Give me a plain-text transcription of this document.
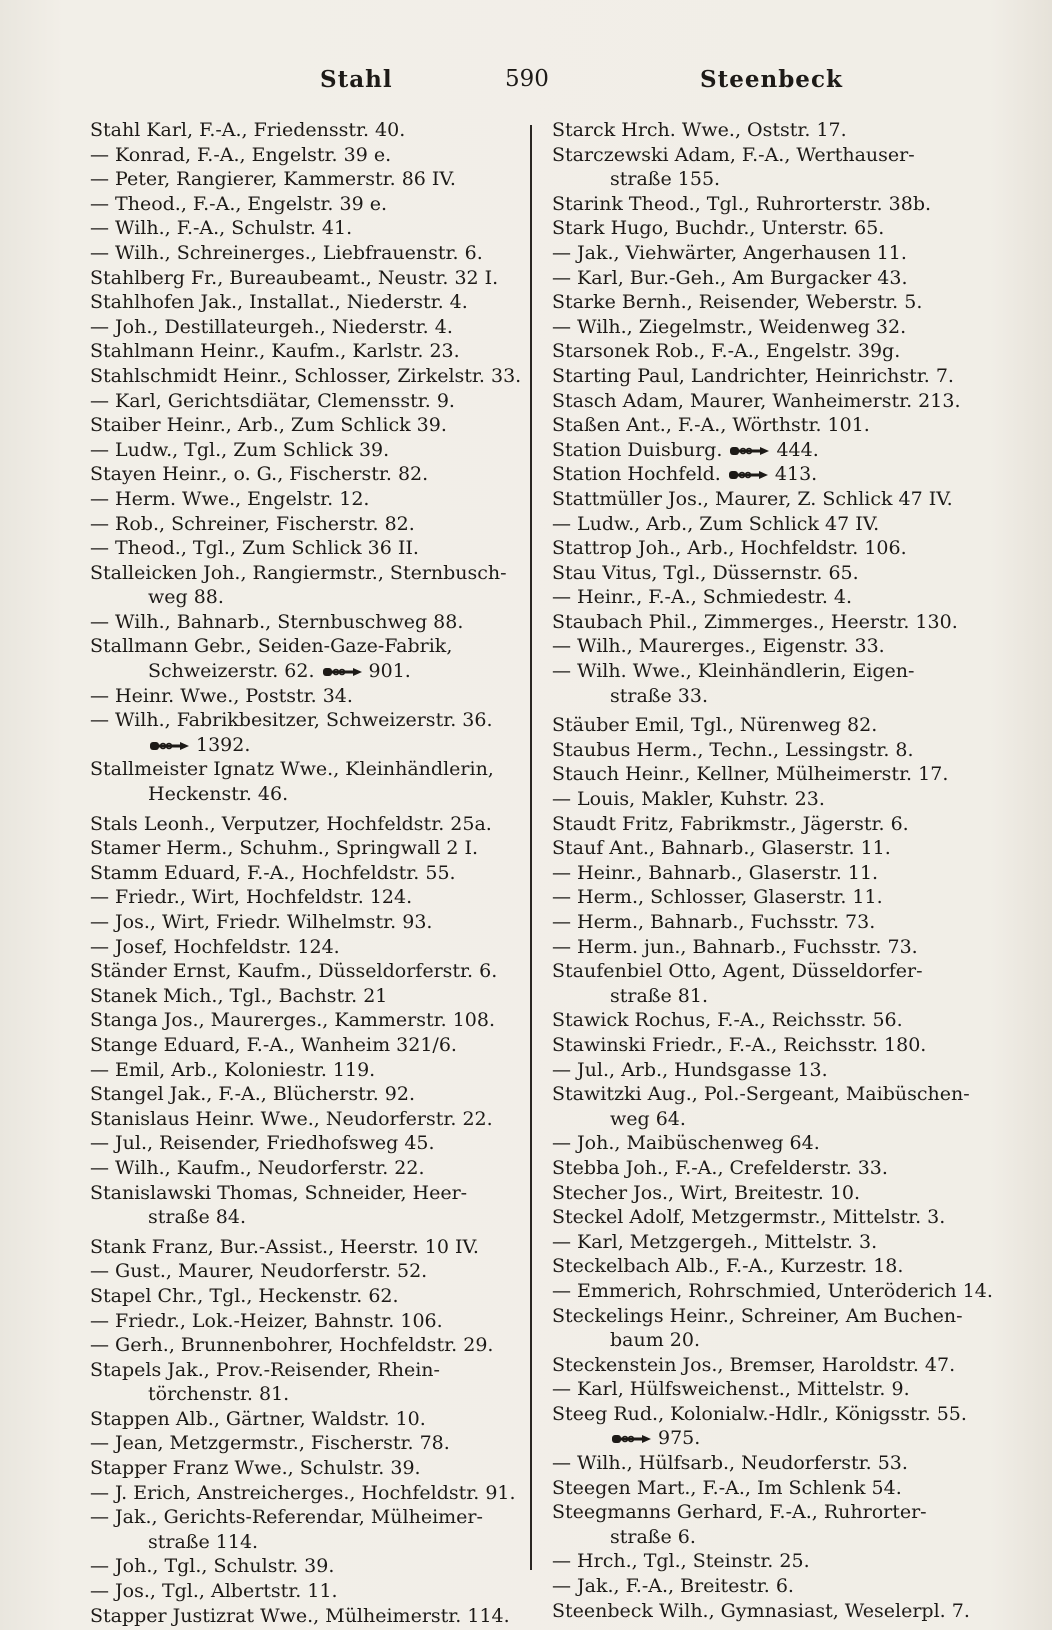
Stahl	590	Steenbeck
Stahl Karl, F.-A., Friedensstr. 40.
— Konrad, F.-A., Engelstr. 39 e.
— Peter, Rangierer, Kammerstr. 86 IV.
— Theod., F.-A., Engelstr. 39 e.
— Wilh., F.-A., Schulstr. 41.
— Wilh., Schreinerges., Liebfrauenstr. 6.
Stahlberg Fr., Bureaubeamt., Neustr. 32 I.
Stahlhofen Jak., Installat., Niederstr. 4.
— Joh., Destillateurgeh., Niederstr. 4.
Stahlmann Heinr., Kaufm., Karlstr. 23.
Stahlschmidt Heinr., Schlosser, Zirkelstr. 33.
— Karl, Gerichtsdiätar, Clemensstr. 9.
Staiber Heinr., Arb., Zum Schlick 39.
— Ludw., Tgl., Zum Schlick 39.
Stayen Heinr., o. G., Fischerstr. 82.
— Herm. Wwe., Engelstr. 12.
— Rob., Schreiner, Fischerstr. 82.
— Theod., Tgl., Zum Schlick 36 II.
Stalleicken Joh., Rangiermstr., Sternbusch-
weg 88.
— Wilh., Bahnarb., Sternbuschweg 88.
Stallmann Gebr., Seiden-Gaze-Fabrik,
Schweizerstr. 62.	901.
— Heinr. Wwe., Poststr. 34.
— Wilh., Fabrikbesitzer, Schweizerstr. 36.
1392.
Stallmeister Ignatz Wwe., Kleinhändlerin,
Heckenstr. 46.
Stals Leonh., Verputzer, Hochfeldstr. 25a.
Stamer Herm., Schuhm., Springwall 2 I.
Stamm Eduard, F.-A., Hochfeldstr. 55.
— Friedr., Wirt, Hochfeldstr. 124.
— Jos., Wirt, Friedr. Wilhelmstr. 93.
— Josef, Hochfeldstr. 124.
Ständer Ernst, Kaufm., Düsseldorferstr. 6.
Stanek Mich., Tgl., Bachstr. 21
Stanga Jos., Maurerges., Kammerstr. 108.
Stange Eduard, F.-A., Wanheim 321/6.
— Emil, Arb., Koloniestr. 119.
Stangel Jak., F.-A., Blücherstr. 92.
Stanislaus Heinr. Wwe., Neudorferstr. 22.
— Jul., Reisender, Friedhofsweg 45.
— Wilh., Kaufm., Neudorferstr. 22.
Stanislawski Thomas, Schneider, Heer-
straße 84.
Stank Franz, Bur.-Assist., Heerstr. 10 IV.
— Gust., Maurer, Neudorferstr. 52.
Stapel Chr., Tgl., Heckenstr. 62.
— Friedr., Lok.-Heizer, Bahnstr. 106.
— Gerh., Brunnenbohrer, Hochfeldstr. 29.
Stapels Jak., Prov.-Reisender, Rhein-
törchenstr. 81.
Stappen Alb., Gärtner, Waldstr. 10.
— Jean, Metzgermstr., Fischerstr. 78.
Stapper Franz Wwe., Schulstr. 39.
— J. Erich, Anstreicherges., Hochfeldstr. 91.
— Jak., Gerichts-Referendar, Mülheimer-
straße 114.
— Joh., Tgl., Schulstr. 39.
— Jos., Tgl., Albertstr. 11.
Stapper Justizrat Wwe., Mülheimerstr. 114.
Starck Hrch. Wwe., Oststr. 17.
Starczewski Adam, F.-A., Werthauser-
straße 155.
Starink Theod., Tgl., Ruhrorterstr. 38b.
Stark Hugo, Buchdr., Unterstr. 65.
— Jak., Viehwärter, Angerhausen 11.
— Karl, Bur.-Geh., Am Burgacker 43.
Starke Bernh., Reisender, Weberstr. 5.
— Wilh., Ziegelmstr., Weidenweg 32.
Starsonek Rob., F.-A., Engelstr. 39g.
Starting Paul, Landrichter, Heinrichstr. 7.
Stasch Adam, Maurer, Wanheimerstr. 213.
Staßen Ant., F.-A., Wörthstr. 101.
Station Duisburg.	444.
Station Hochfeld.	413.
Stattmüller Jos., Maurer, Z. Schlick 47 IV.
— Ludw., Arb., Zum Schlick 47 IV.
Stattrop Joh., Arb., Hochfeldstr. 106.
Stau Vitus, Tgl., Düssernstr. 65.
— Heinr., F.-A., Schmiedestr. 4.
Staubach Phil., Zimmerges., Heerstr. 130.
— Wilh., Maurerges., Eigenstr. 33.
— Wilh. Wwe., Kleinhändlerin, Eigen-
straße 33.
Stäuber Emil, Tgl., Nürenweg 82.
Staubus Herm., Techn., Lessingstr. 8.
Stauch Heinr., Kellner, Mülheimerstr. 17.
— Louis, Makler, Kuhstr. 23.
Staudt Fritz, Fabrikmstr., Jägerstr. 6.
Stauf Ant., Bahnarb., Glaserstr. 11.
— Heinr., Bahnarb., Glaserstr. 11.
— Herm., Schlosser, Glaserstr. 11.
— Herm., Bahnarb., Fuchsstr. 73.
— Herm. jun., Bahnarb., Fuchsstr. 73.
Staufenbiel Otto, Agent, Düsseldorfer-
straße 81.
Stawick Rochus, F.-A., Reichsstr. 56.
Stawinski Friedr., F.-A., Reichsstr. 180.
— Jul., Arb., Hundsgasse 13.
Stawitzki Aug., Pol.-Sergeant, Maibüschen-
weg 64.
— Joh., Maibüschenweg 64.
Stebba Joh., F.-A., Crefelderstr. 33.
Stecher Jos., Wirt, Breitestr. 10.
Steckel Adolf, Metzgermstr., Mittelstr. 3.
— Karl, Metzgergeh., Mittelstr. 3.
Steckelbach Alb., F.-A., Kurzestr. 18.
— Emmerich, Rohrschmied, Unteröderich 14.
Steckelings Heinr., Schreiner, Am Buchen-
baum 20.
Steckenstein Jos., Bremser, Haroldstr. 47.
— Karl, Hülfsweichenst., Mittelstr. 9.
Steeg Rud., Kolonialw.-Hdlr., Königsstr. 55.
975.
— Wilh., Hülfsarb., Neudorferstr. 53.
Steegen Mart., F.-A., Im Schlenk 54.
Steegmanns Gerhard, F.-A., Ruhrorter-
straße 6.
— Hrch., Tgl., Steinstr. 25.
— Jak., F.-A., Breitestr. 6.
Steenbeck Wilh., Gymnasiast, Weselerpl. 7.
